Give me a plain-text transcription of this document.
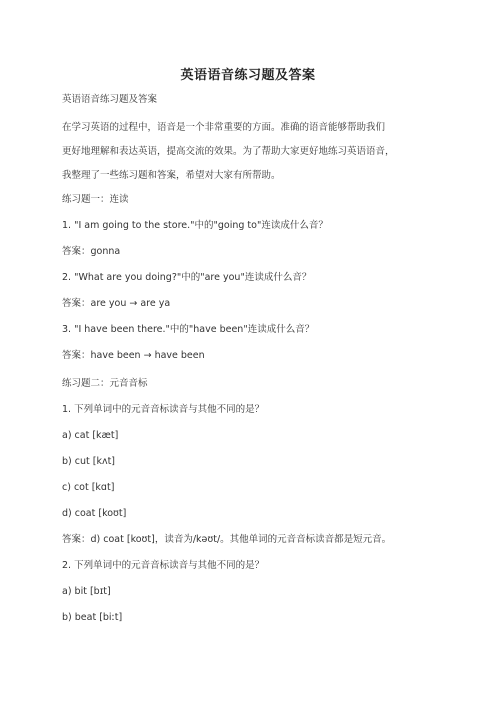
英语语音练习题及答案
英语语音练习题及答案
在学习英语的过程中，语音是一个非常重要的方面。准确的语音能够帮助我们
更好地理解和表达英语，提高交流的效果。为了帮助大家更好地练习英语语音，
我整理了一些练习题和答案，希望对大家有所帮助。
练习题一：连读
1. "I am going to the store."中的"going to"连读成什么音？
答案：gonna
2. "What are you doing?"中的"are you"连读成什么音？
答案：are you → are ya
3. "I have been there."中的"have been"连读成什么音？
答案：have been → have been
练习题二：元音音标
1. 下列单词中的元音音标读音与其他不同的是？
a) cat [kæt]
b) cut [kʌt]
c) cot [kɑt]
d) coat [koʊt]
答案：d) coat [koʊt]，读音为/kəʊt/。其他单词的元音音标读音都是短元音。
2. 下列单词中的元音音标读音与其他不同的是？
a) bit [bɪt]
b) beat [biːt]
